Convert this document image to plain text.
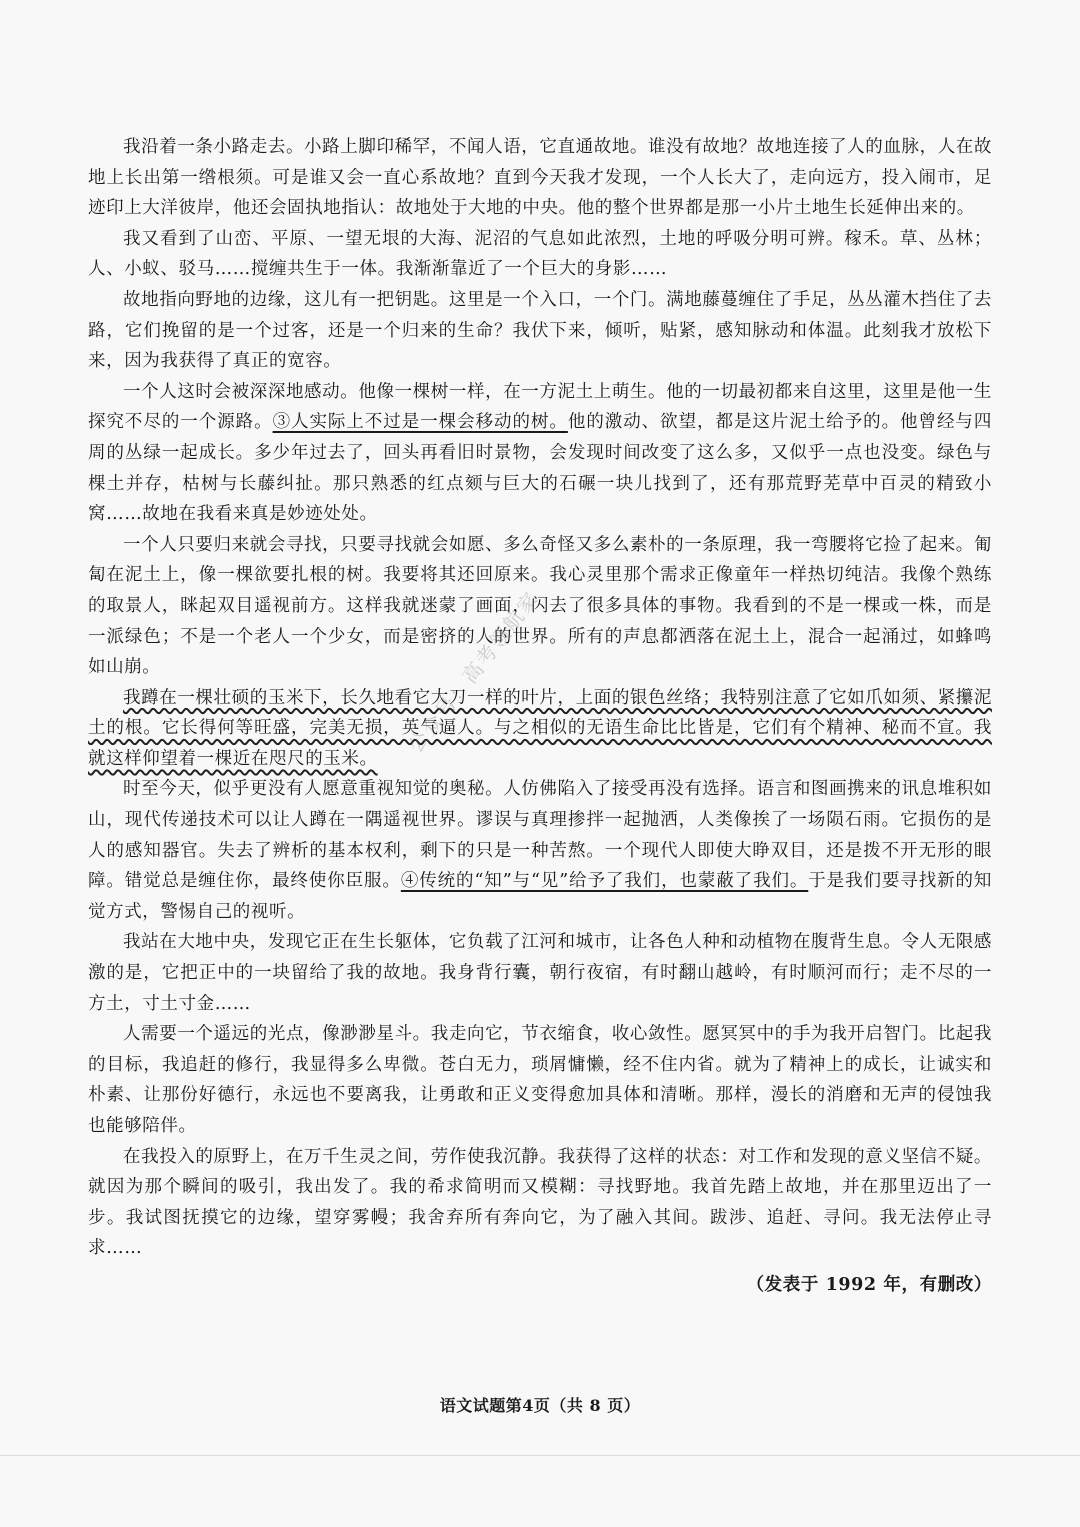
我沿着一条小路走去。小路上脚印稀罕，不闻人语，它直通故地。谁没有故地？故地连接了人的血脉，人在故地上长出第一绺根须。可是谁又会一直心系故地？直到今天我才发现，一个人长大了，走向远方，投入闹市，足迹印上大洋彼岸，他还会固执地指认：故地处于大地的中央。他的整个世界都是那一小片土地生长延伸出来的。

我又看到了山峦、平原、一望无垠的大海、泥沼的气息如此浓烈，土地的呼吸分明可辨。稼禾。草、丛林；人、小蚁、驳马……搅缠共生于一体。我渐渐靠近了一个巨大的身影……

故地指向野地的边缘，这儿有一把钥匙。这里是一个入口，一个门。满地藤蔓缠住了手足，丛丛灌木挡住了去路，它们挽留的是一个过客，还是一个归来的生命？我伏下来，倾听，贴紧，感知脉动和体温。此刻我才放松下来，因为我获得了真正的宽容。

一个人这时会被深深地感动。他像一棵树一样，在一方泥土上萌生。他的一切最初都来自这里，这里是他一生探究不尽的一个源路。③人实际上不过是一棵会移动的树。他的激动、欲望，都是这片泥土给予的。他曾经与四周的丛绿一起成长。多少年过去了，回头再看旧时景物，会发现时间改变了这么多，又似乎一点也没变。绿色与棵土并存，枯树与长藤纠扯。那只熟悉的红点颏与巨大的石碾一块儿找到了，还有那荒野芜草中百灵的精致小窝……故地在我看来真是妙迹处处。

一个人只要归来就会寻找，只要寻找就会如愿、多么奇怪又多么素朴的一条原理，我一弯腰将它捡了起来。匍匐在泥土上，像一棵欲要扎根的树。我要将其还回原来。我心灵里那个需求正像童年一样热切纯洁。我像个熟练的取景人，眯起双目遥视前方。这样我就迷蒙了画面，闪去了很多具体的事物。我看到的不是一棵或一株，而是一派绿色；不是一个老人一个少女，而是密挤的人的世界。所有的声息都洒落在泥土上，混合一起涌过，如蜂鸣如山崩。

我蹲在一棵壮硕的玉米下，长久地看它大刀一样的叶片，上面的银色丝络；我特别注意了它如爪如须、紧攥泥土的根。它长得何等旺盛，完美无损，英气逼人。与之相似的无语生命比比皆是，它们有个精神、秘而不宣。我就这样仰望着一棵近在咫尺的玉米。

时至今天，似乎更没有人愿意重视知觉的奥秘。人仿佛陷入了接受再没有选择。语言和图画携来的讯息堆积如山，现代传递技术可以让人蹲在一隅遥视世界。谬误与真理掺拌一起抛洒，人类像挨了一场陨石雨。它损伤的是人的感知器官。失去了辨析的基本权利，剩下的只是一种苦熬。一个现代人即使大睁双目，还是拨不开无形的眼障。错觉总是缠住你，最终使你臣服。④传统的“知”与“见”给予了我们，也蒙蔽了我们。于是我们要寻找新的知觉方式，警惕自己的视听。

我站在大地中央，发现它正在生长躯体，它负载了江河和城市，让各色人种和动植物在腹背生息。令人无限感激的是，它把正中的一块留给了我的故地。我身背行囊，朝行夜宿，有时翻山越岭，有时顺河而行；走不尽的一方土，寸土寸金……

人需要一个遥远的光点，像渺渺星斗。我走向它，节衣缩食，收心敛性。愿冥冥中的手为我开启智门。比起我的目标，我追赶的修行，我显得多么卑微。苍白无力，琐屑慵懒，经不住内省。就为了精神上的成长，让诚实和朴素、让那份好德行，永远也不要离我，让勇敢和正义变得愈加具体和清晰。那样，漫长的消磨和无声的侵蚀我也能够陪伴。

在我投入的原野上，在万千生灵之间，劳作使我沉静。我获得了这样的状态：对工作和发现的意义坚信不疑。就因为那个瞬间的吸引，我出发了。我的希求简明而又模糊：寻找野地。我首先踏上故地，并在那里迈出了一步。我试图抚摸它的边缘，望穿雾幔；我舍弃所有奔向它，为了融入其间。跋涉、追赶、寻问。我无法停止寻求……

（发表于 1992 年，有删改）
公众号：高考领航家
语文试题第4页（共 8 页）
